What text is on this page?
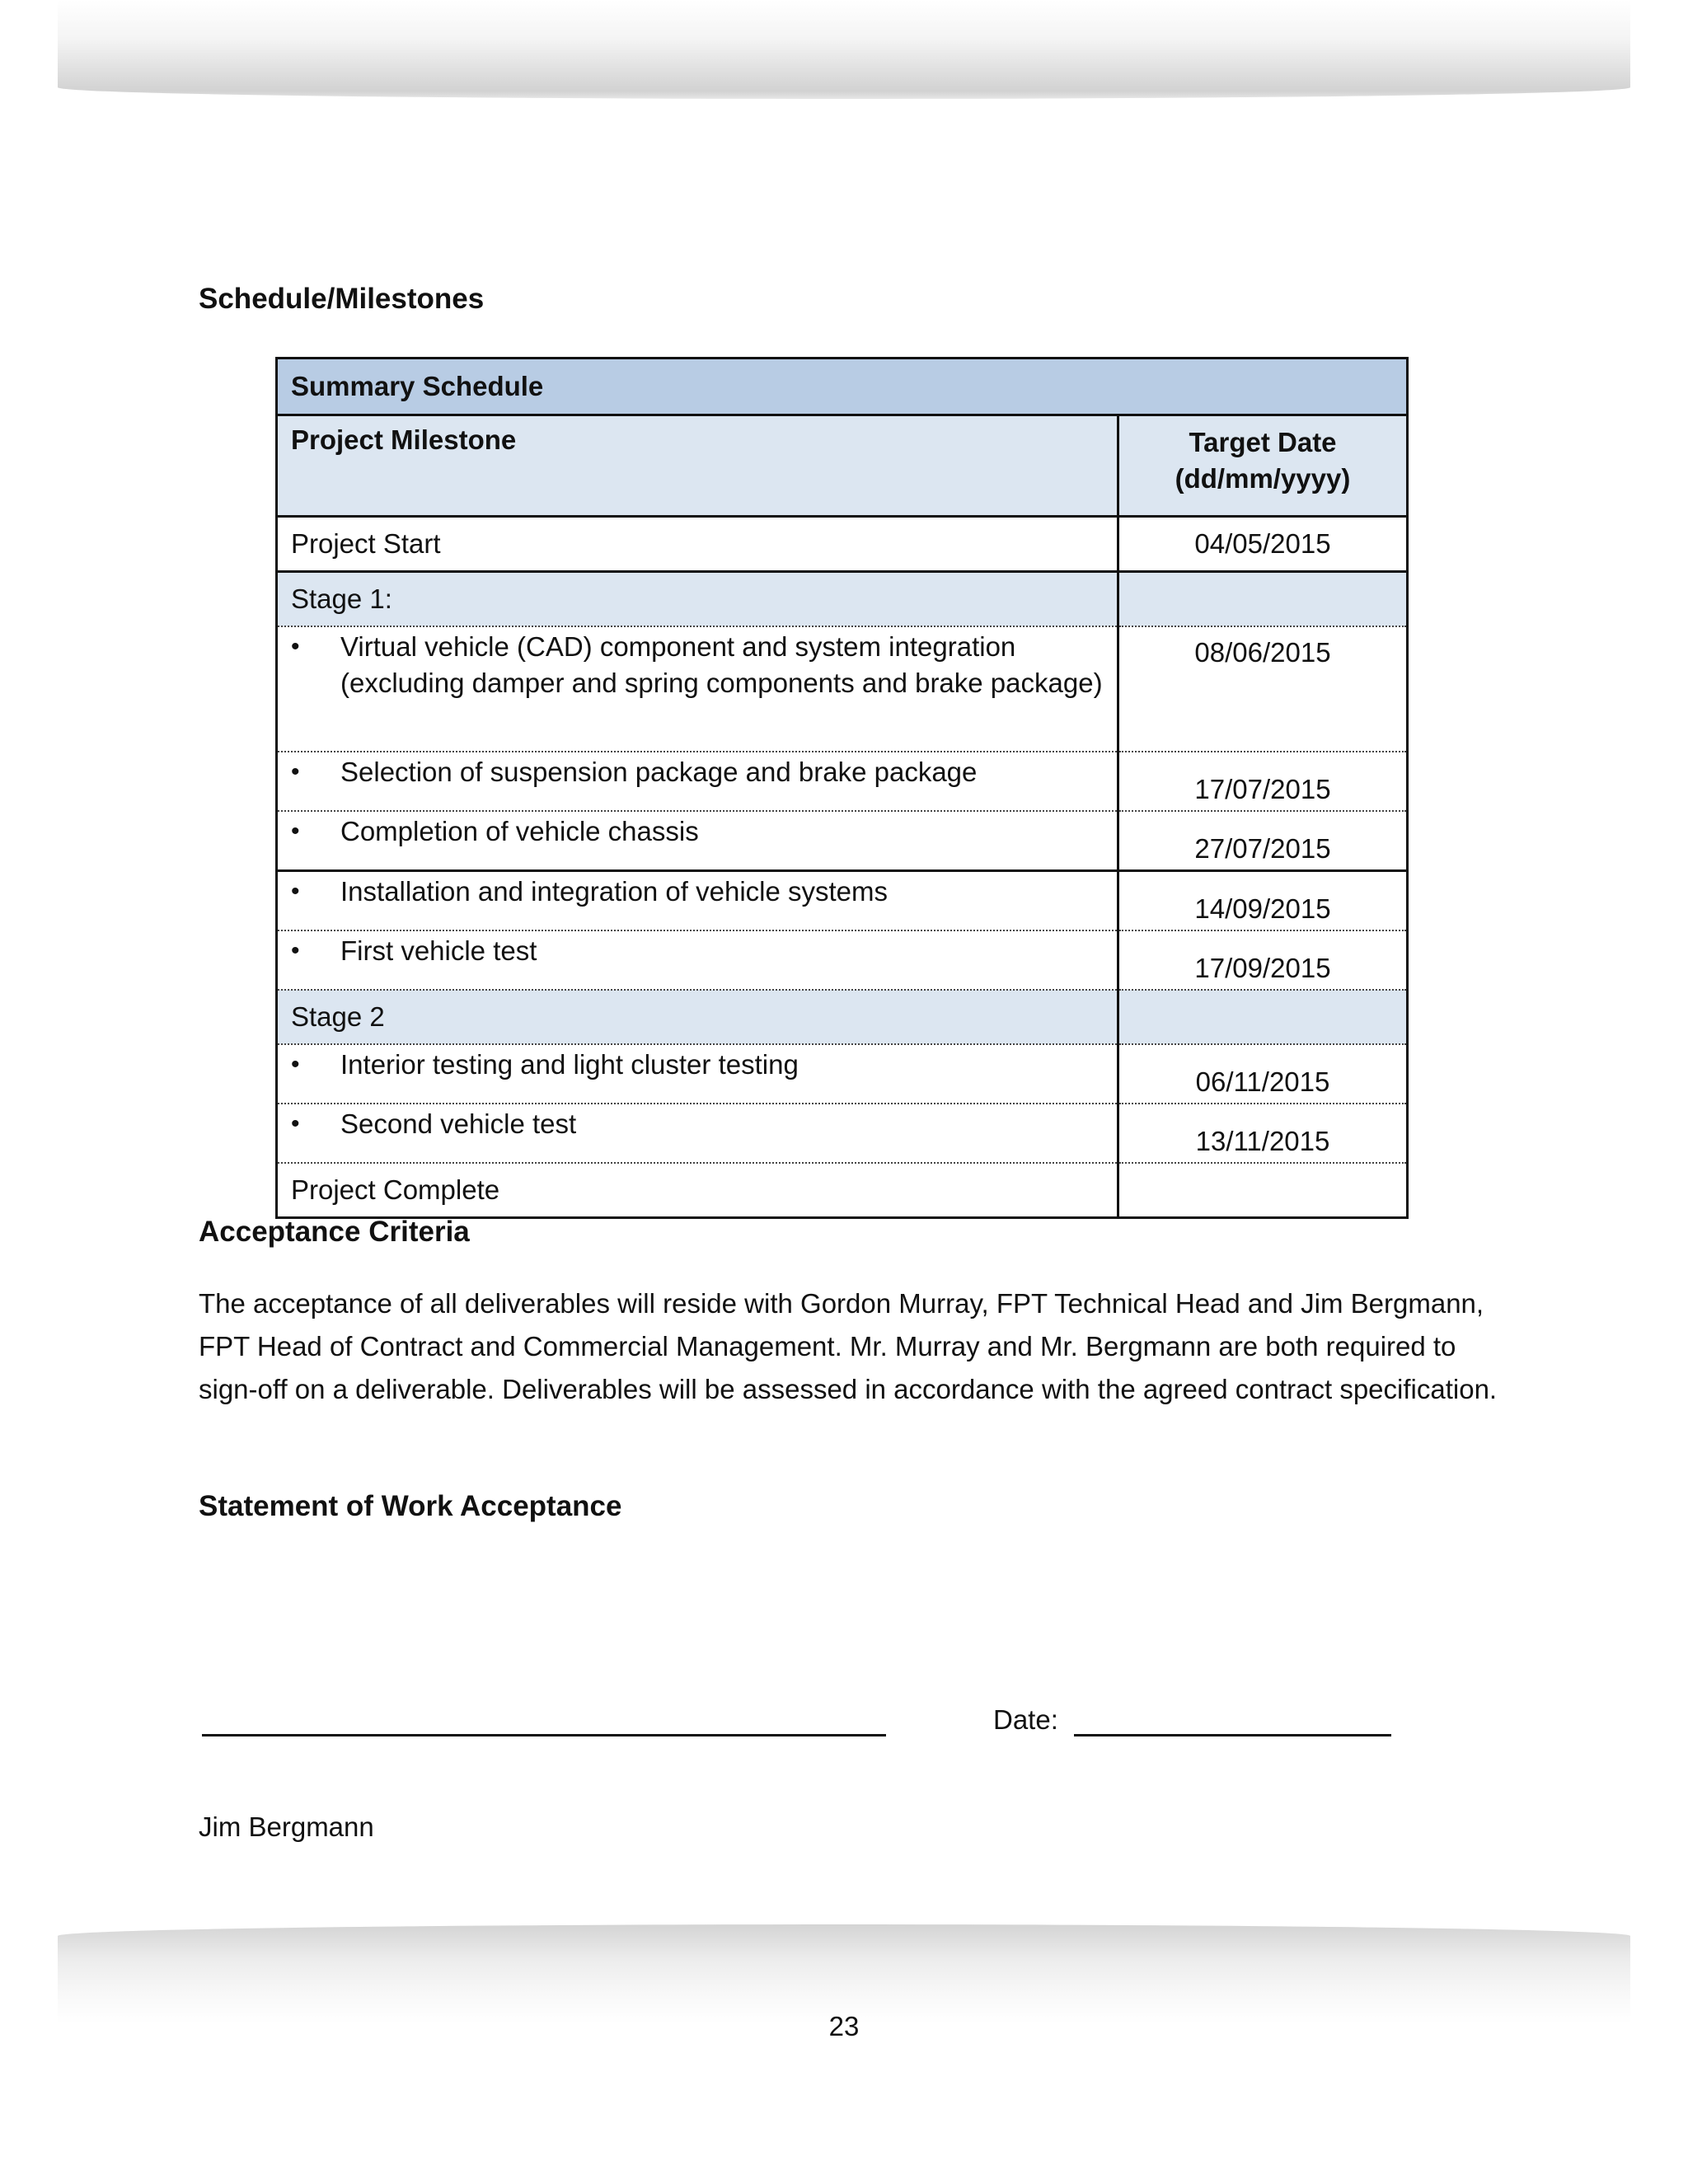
Schedule/Milestones
Summary Schedule	
Project Milestone	Target Date
(dd/mm/yyyy)

Project Start	04/05/2015
Stage 1:	

• Virtual vehicle (CAD) component and system integration (excluding damper and spring components and brake package)	08/06/2015

• Selection of suspension package and brake package	17/07/2015

• Completion of vehicle chassis	27/07/2015

• Installation and integration of vehicle systems	14/09/2015

• First vehicle test	17/09/2015
Stage 2	

• Interior testing and light cluster testing	06/11/2015

• Second vehicle test	13/11/2015
Project Complete	
Acceptance Criteria
The acceptance of all deliverables will reside with Gordon Murray, FPT Technical Head and Jim Bergmann, FPT Head of Contract and Commercial Management. Mr. Murray and Mr. Bergmann are both required to sign-off on a deliverable. Deliverables will be assessed in accordance with the agreed contract specification.
Statement of Work Acceptance
Date:
Jim Bergmann
23
